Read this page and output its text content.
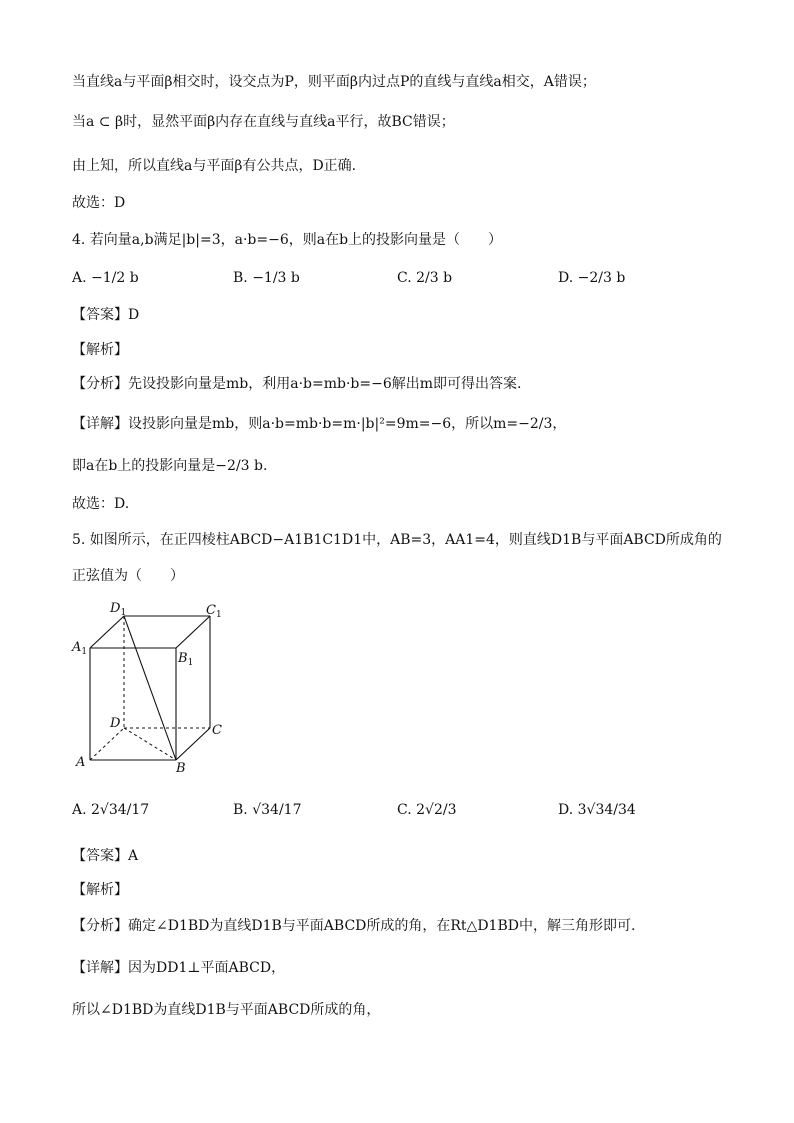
当直线a与平面β相交时，设交点为P，则平面β内过点P的直线与直线a相交，A错误；
当a ⊂ β时，显然平面β内存在直线与直线a平行，故BC错误；
由上知，所以直线a与平面β有公共点，D正确.
故选：D
4. 若向量a,b满足|b|=3，a·b=−6，则a在b上的投影向量是（　　）
A. −1/2 b	B. −1/3 b	C. 2/3 b	D. −2/3 b
【答案】D
【解析】
【分析】先设投影向量是mb，利用a·b=mb·b=−6解出m即可得出答案.
【详解】设投影向量是mb，则a·b=mb·b=m·|b|²=9m=−6，所以m=−2/3，
即a在b上的投影向量是−2/3 b.
故选：D.
5. 如图所示，在正四棱柱ABCD−A1B1C1D1中，AB=3，AA1=4，则直线D1B与平面ABCD所成角的
正弦值为（　　）
$D_1$	$C_1$
$A_1$	$B_1$
D	C
A	B
A. 2√34/17	B. √34/17	C. 2√2/3	D. 3√34/34
【答案】A
【解析】
【分析】确定∠D1BD为直线D1B与平面ABCD所成的角，在Rt△D1BD中，解三角形即可.
【详解】因为DD1⊥平面ABCD，
所以∠D1BD为直线D1B与平面ABCD所成的角，
